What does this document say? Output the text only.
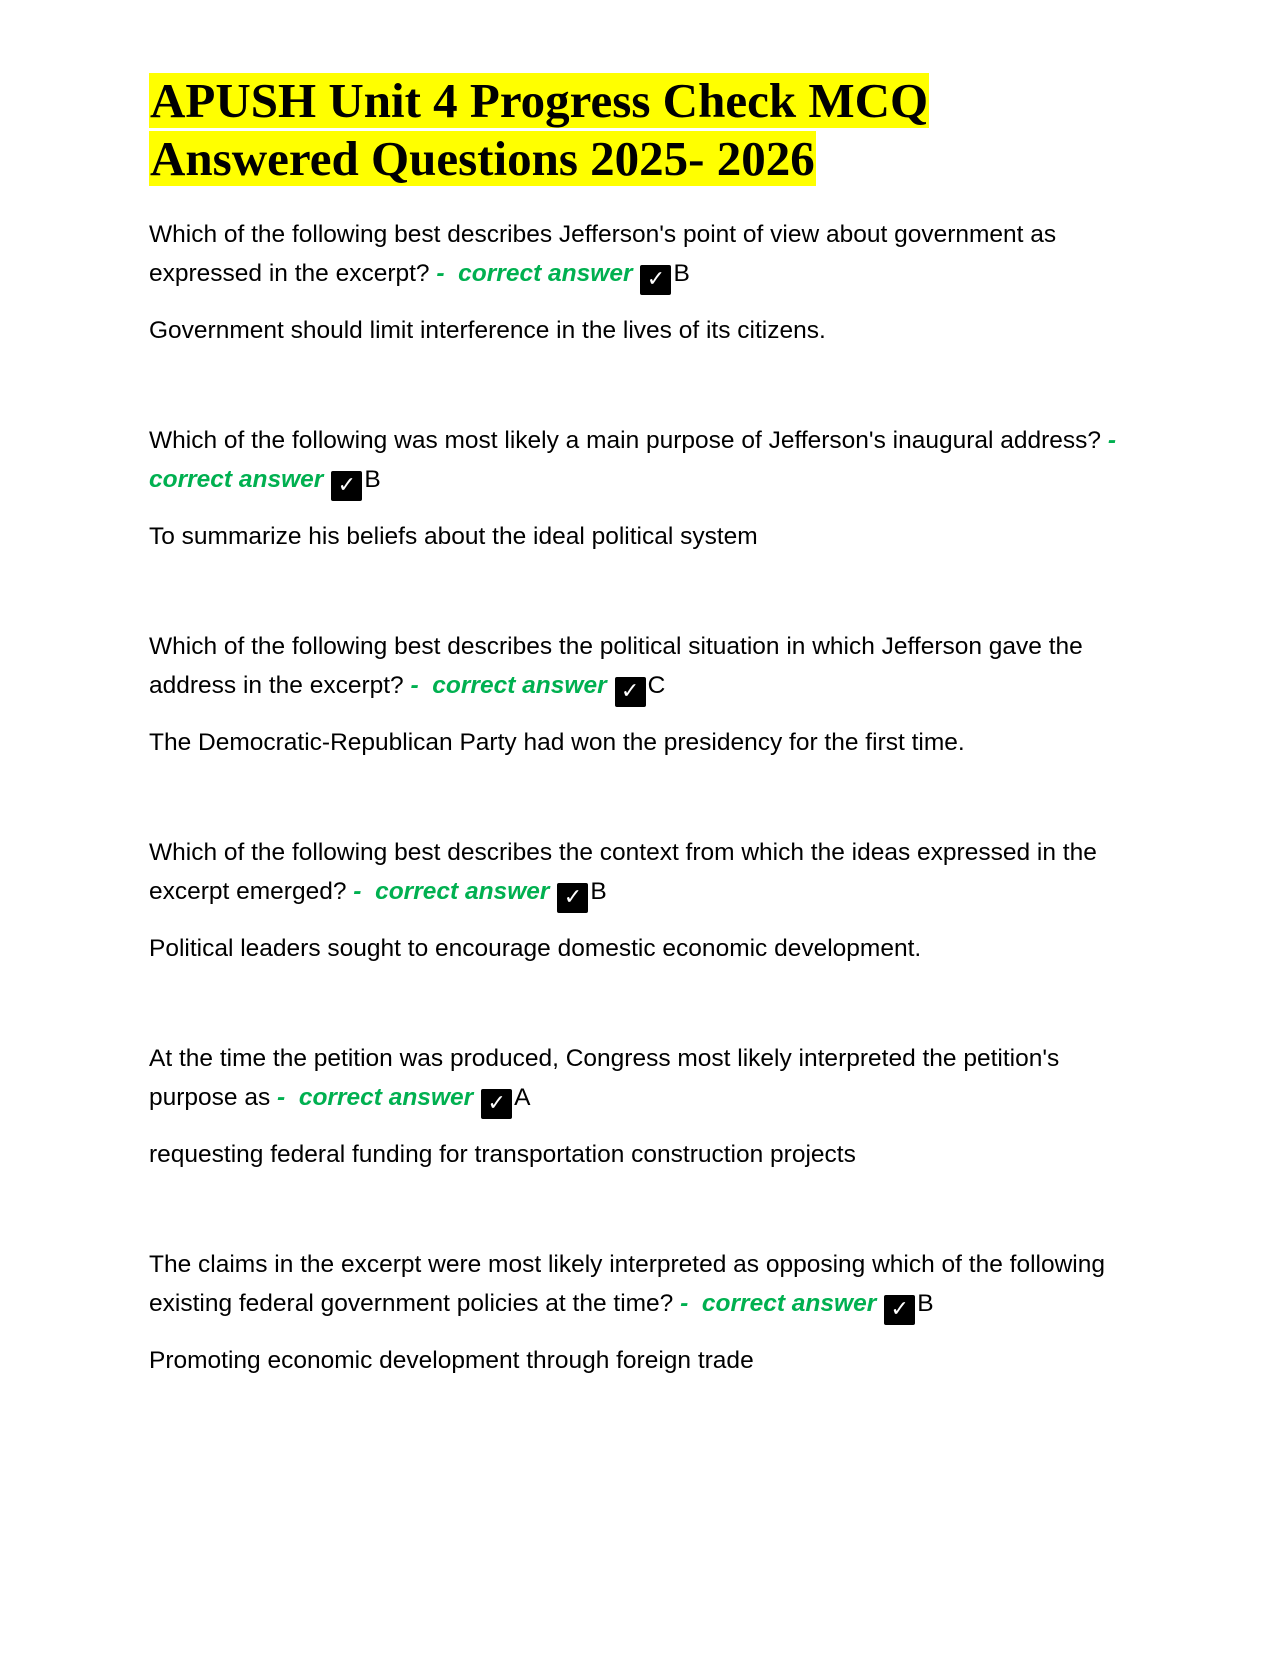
APUSH Unit 4 Progress Check MCQ
Answered Questions 2025- 2026

Which of the following best describes Jefferson's point of view about government as expressed in the excerpt? - correct answer ✓ B

Government should limit interference in the lives of its citizens.

Which of the following was most likely a main purpose of Jefferson's inaugural address? -  correct answer ✓ B

To summarize his beliefs about the ideal political system

Which of the following best describes the political situation in which Jefferson gave the address in the excerpt? - correct answer ✓ C

The Democratic-Republican Party had won the presidency for the first time.

Which of the following best describes the context from which the ideas expressed in the excerpt emerged? - correct answer ✓ B

Political leaders sought to encourage domestic economic development.

At the time the petition was produced, Congress most likely interpreted the petition's purpose as - correct answer ✓ A

requesting federal funding for transportation construction projects

The claims in the excerpt were most likely interpreted as opposing which of the following existing federal government policies at the time? - correct answer ✓ B

Promoting economic development through foreign trade
